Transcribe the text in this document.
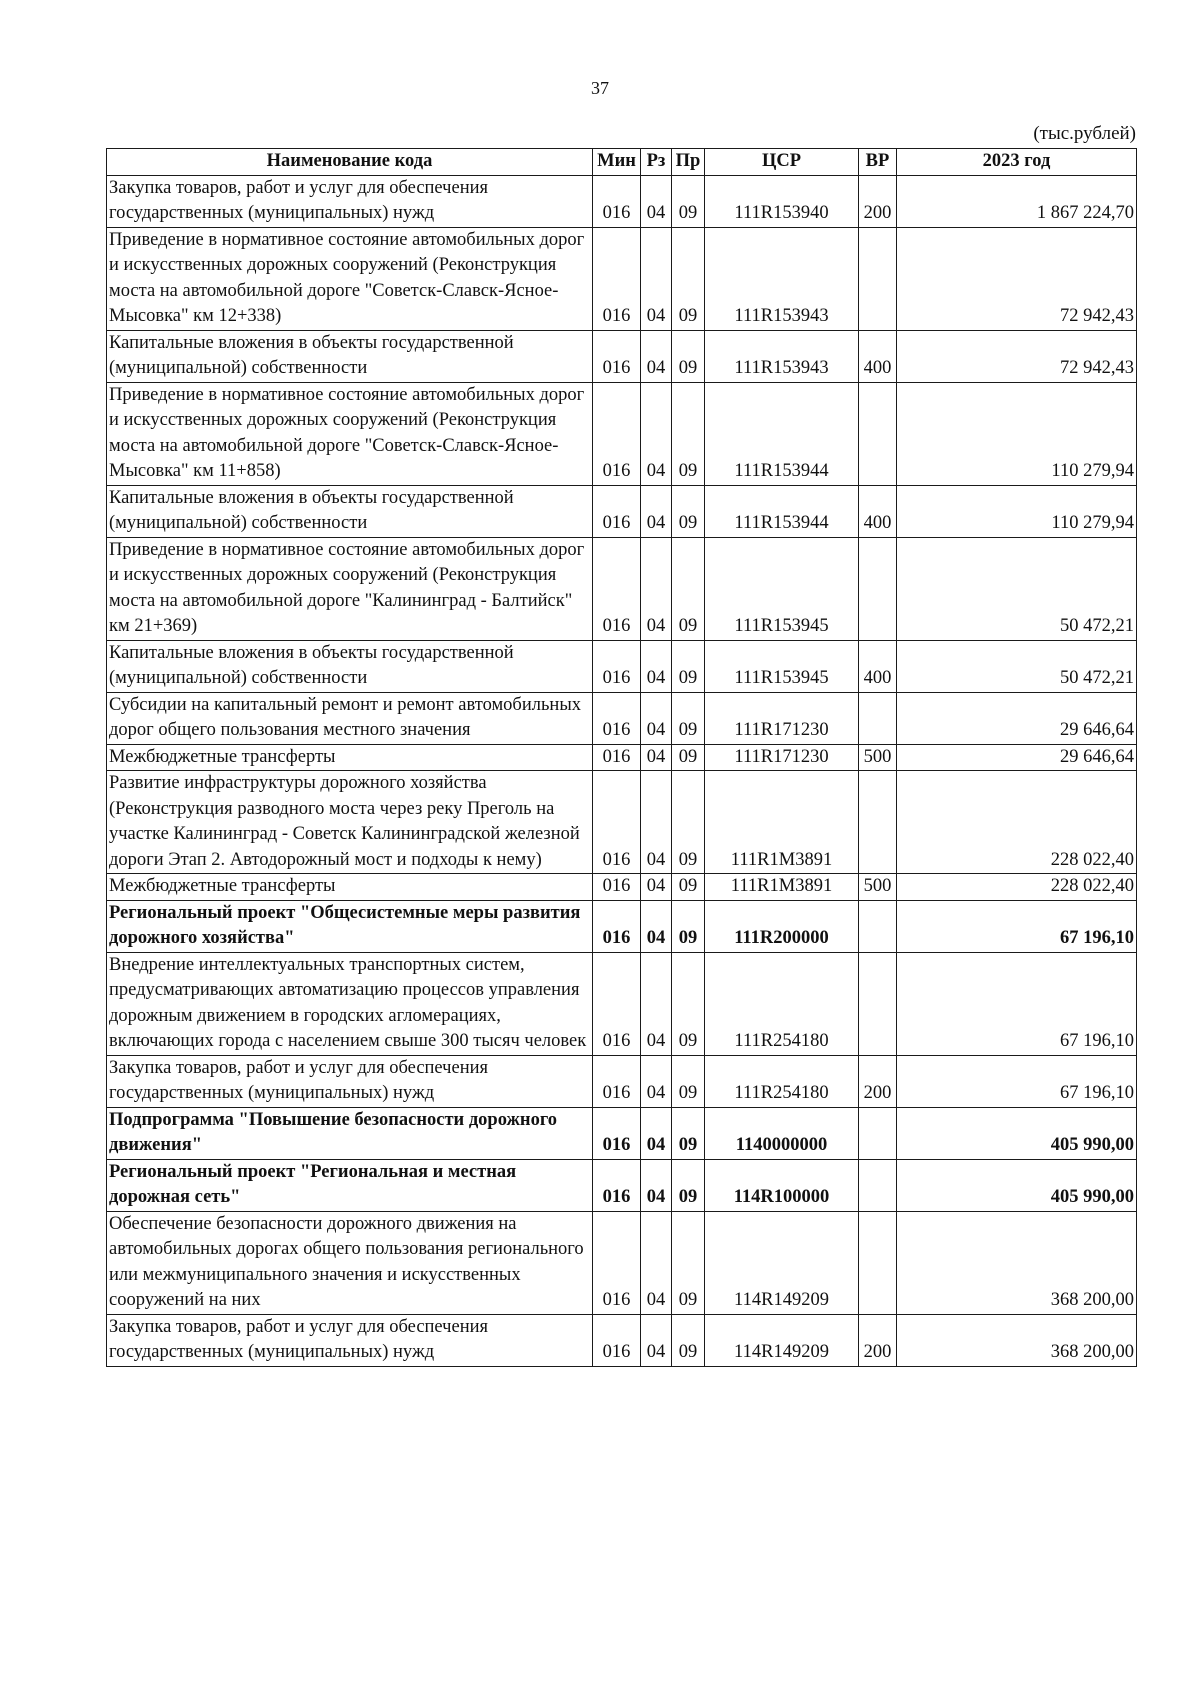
37
(тыс.рублей)
Наименование кода	Мин	Рз	Пр	ЦСР	ВР	2023 год
Закупка товаров, работ и услуг для обеспечения государственных (муниципальных) нужд	016	04	09	111R153940	200	1 867 224,70
Приведение в нормативное состояние автомобильных дорог и искусственных дорожных сооружений (Реконструкция моста на автомобильной дороге "Советск-Славск-Ясное-Мысовка" км 12+338)	016	04	09	111R153943		72 942,43
Капитальные вложения в объекты государственной (муниципальной) собственности	016	04	09	111R153943	400	72 942,43
Приведение в нормативное состояние автомобильных дорог и искусственных дорожных сооружений (Реконструкция моста на автомобильной дороге "Советск-Славск-Ясное-Мысовка" км 11+858)	016	04	09	111R153944		110 279,94
Капитальные вложения в объекты государственной (муниципальной) собственности	016	04	09	111R153944	400	110 279,94
Приведение в нормативное состояние автомобильных дорог и искусственных дорожных сооружений (Реконструкция моста на автомобильной дороге "Калининград - Балтийск" км 21+369)	016	04	09	111R153945		50 472,21
Капитальные вложения в объекты государственной (муниципальной) собственности	016	04	09	111R153945	400	50 472,21
Субсидии на капитальный ремонт и ремонт автомобильных дорог общего пользования местного значения	016	04	09	111R171230		29 646,64
Межбюджетные трансферты	016	04	09	111R171230	500	29 646,64
Развитие инфраструктуры дорожного хозяйства (Реконструкция разводного моста через реку Преголь на участке Калининград - Советск Калининградской железной дороги Этап 2. Автодорожный мост и подходы к нему)	016	04	09	111R1M3891		228 022,40
Межбюджетные трансферты	016	04	09	111R1M3891	500	228 022,40
Региональный проект "Общесистемные меры развития дорожного хозяйства"	016	04	09	111R200000		67 196,10
Внедрение интеллектуальных транспортных систем, предусматривающих автоматизацию процессов управления дорожным движением в городских агломерациях, включающих города с населением свыше 300 тысяч человек	016	04	09	111R254180		67 196,10
Закупка товаров, работ и услуг для обеспечения государственных (муниципальных) нужд	016	04	09	111R254180	200	67 196,10
Подпрограмма "Повышение безопасности дорожного движения"	016	04	09	1140000000		405 990,00
Региональный проект "Региональная и местная дорожная сеть"	016	04	09	114R100000		405 990,00
Обеспечение безопасности дорожного движения на автомобильных дорогах общего пользования регионального или межмуниципального значения и искусственных сооружений на них	016	04	09	114R149209		368 200,00
Закупка товаров, работ и услуг для обеспечения государственных (муниципальных) нужд	016	04	09	114R149209	200	368 200,00
